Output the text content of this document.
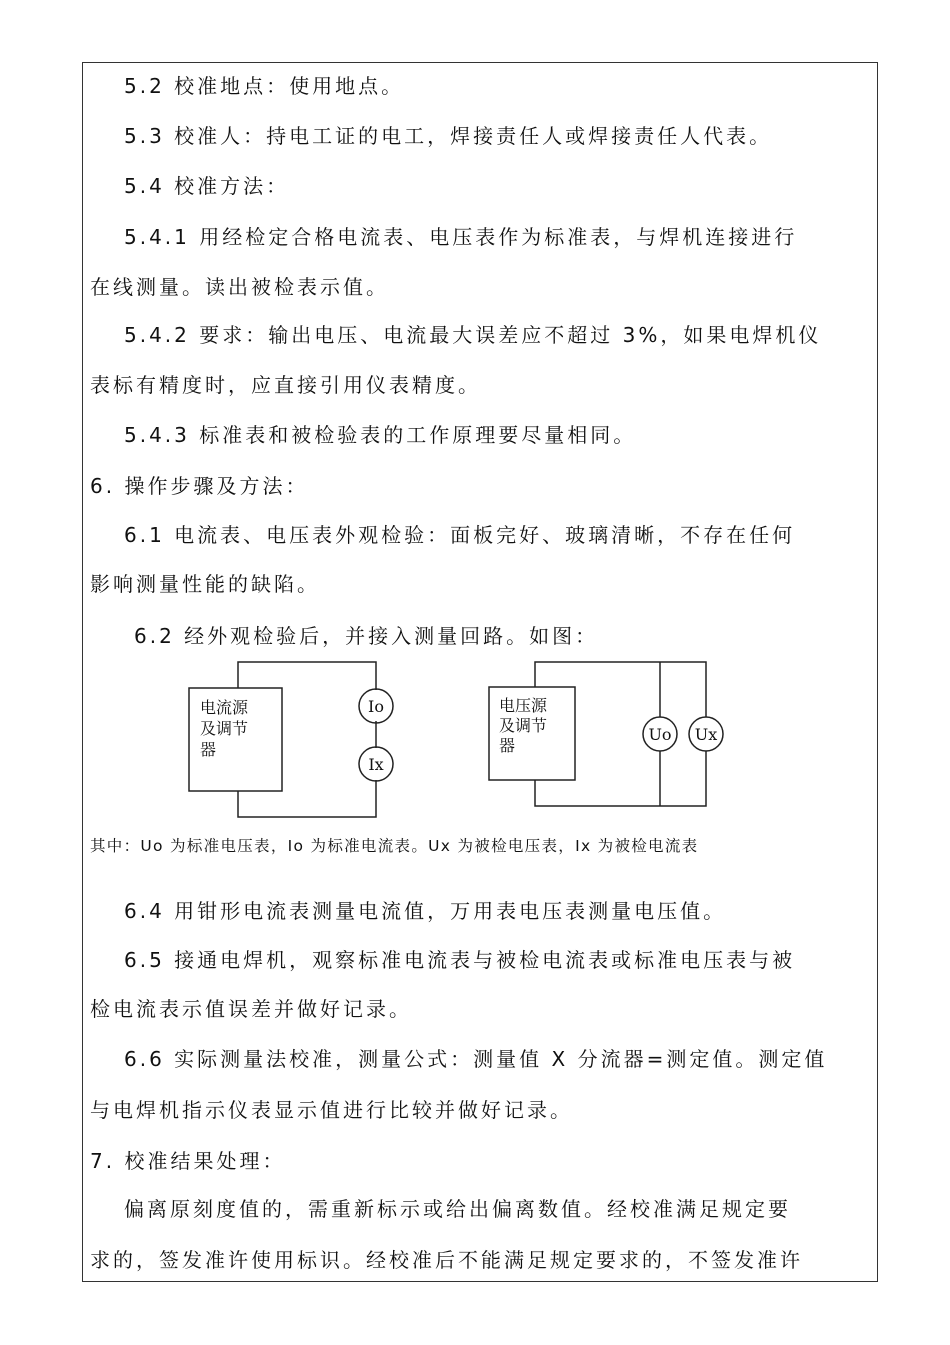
5.2 校准地点：使用地点。
5.3 校准人：持电工证的电工，焊接责任人或焊接责任人代表。
5.4 校准方法：
5.4.1 用经检定合格电流表、电压表作为标准表，与焊机连接进行
在线测量。读出被检表示值。
5.4.2 要求：输出电压、电流最大误差应不超过 3%，如果电焊机仪
表标有精度时，应直接引用仪表精度。
5.4.3 标准表和被检验表的工作原理要尽量相同。
6. 操作步骤及方法：
6.1 电流表、电压表外观检验：面板完好、玻璃清晰，不存在任何
影响测量性能的缺陷。
6.2 经外观检验后，并接入测量回路。如图：
电流源
及调节
器
电压源
及调节
器
Io
Ix
Uo Ux
其中：Uo 为标准电压表，Io 为标准电流表。Ux 为被检电压表，Ix 为被检电流表
6.4 用钳形电流表测量电流值，万用表电压表测量电压值。
6.5 接通电焊机，观察标准电流表与被检电流表或标准电压表与被
检电流表示值误差并做好记录。
6.6 实际测量法校准，测量公式：测量值 X 分流器=测定值。测定值
与电焊机指示仪表显示值进行比较并做好记录。
7. 校准结果处理：
偏离原刻度值的，需重新标示或给出偏离数值。经校准满足规定要
求的，签发准许使用标识。经校准后不能满足规定要求的，不签发准许
